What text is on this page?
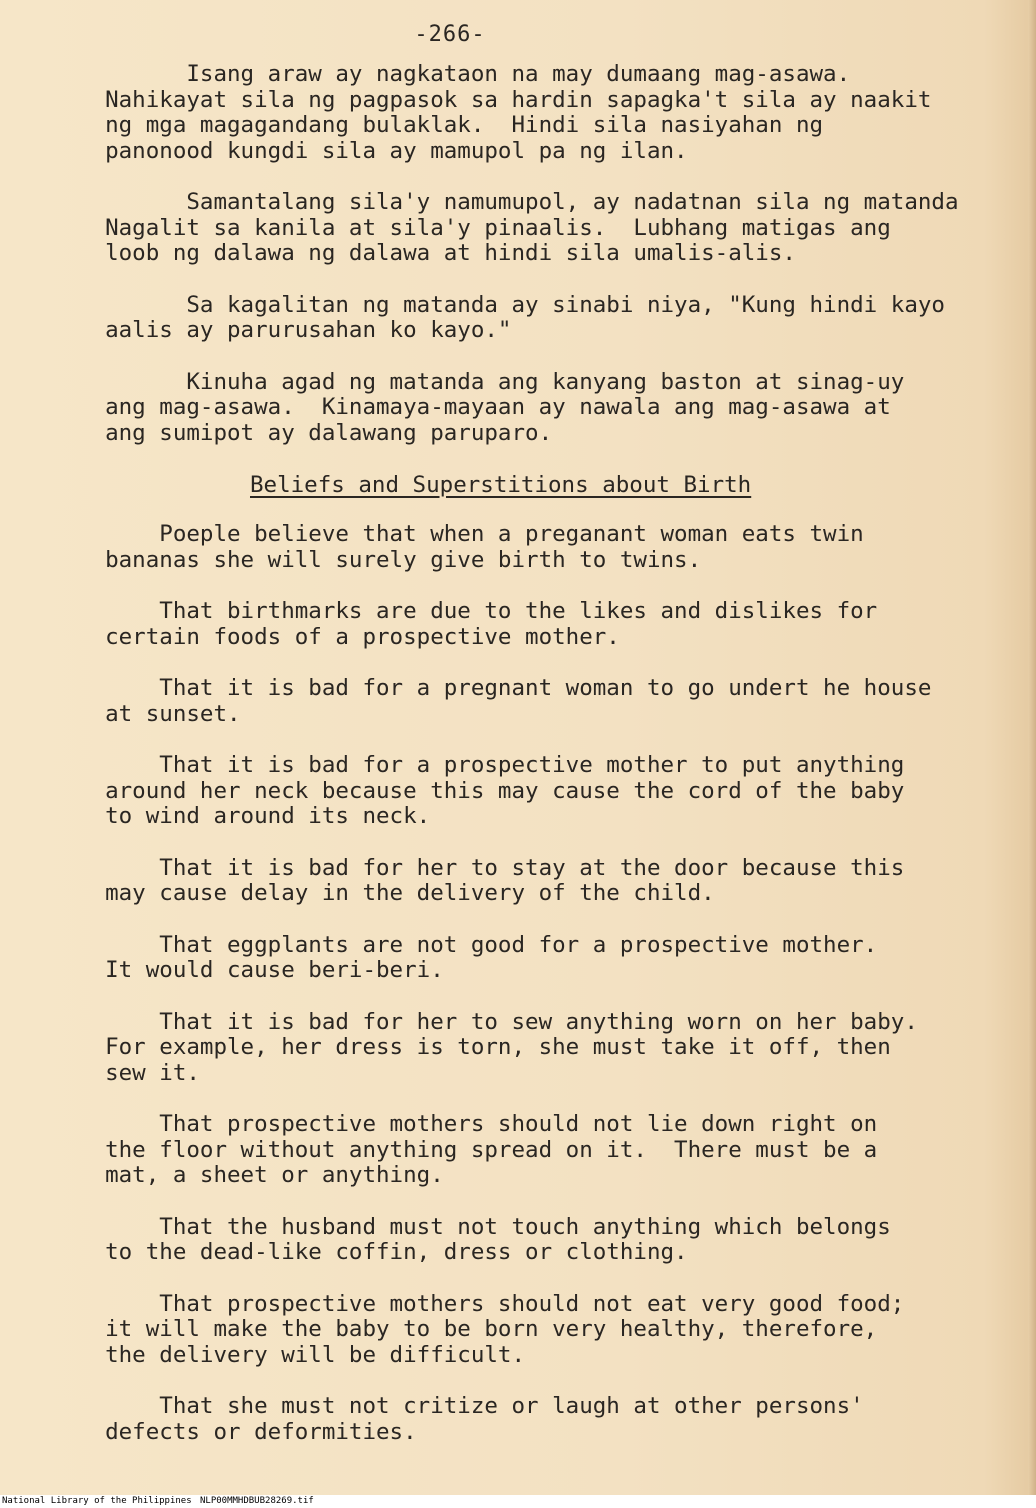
-266-
Isang araw ay nagkataon na may dumaang mag-asawa.
Nahikayat sila ng pagpasok sa hardin sapagka't sila ay naakit
ng mga magagandang bulaklak.  Hindi sila nasiyahan ng
panonood kungdi sila ay mamupol pa ng ilan.
Samantalang sila'y namumupol, ay nadatnan sila ng matanda
Nagalit sa kanila at sila'y pinaalis.  Lubhang matigas ang
loob ng dalawa ng dalawa at hindi sila umalis-alis.
Sa kagalitan ng matanda ay sinabi niya, "Kung hindi kayo
aalis ay parurusahan ko kayo."
Kinuha agad ng matanda ang kanyang baston at sinag-uy
ang mag-asawa.  Kinamaya-mayaan ay nawala ang mag-asawa at
ang sumipot ay dalawang paruparo.
Beliefs and Superstitions about Birth
Poeple believe that when a preganant woman eats twin
bananas she will surely give birth to twins.
That birthmarks are due to the likes and dislikes for
certain foods of a prospective mother.
That it is bad for a pregnant woman to go undert he house
at sunset.
That it is bad for a prospective mother to put anything
around her neck because this may cause the cord of the baby
to wind around its neck.
That it is bad for her to stay at the door because this
may cause delay in the delivery of the child.
That eggplants are not good for a prospective mother.
It would cause beri-beri.
That it is bad for her to sew anything worn on her baby.
For example, her dress is torn, she must take it off, then
sew it.
That prospective mothers should not lie down right on
the floor without anything spread on it.  There must be a
mat, a sheet or anything.
That the husband must not touch anything which belongs
to the dead-like coffin, dress or clothing.
That prospective mothers should not eat very good food;
it will make the baby to be born very healthy, therefore,
the delivery will be difficult.
That she must not critize or laugh at other persons'
defects or deformities.
National Library of the Philippines NLP00MMHDBUB28269.tif
